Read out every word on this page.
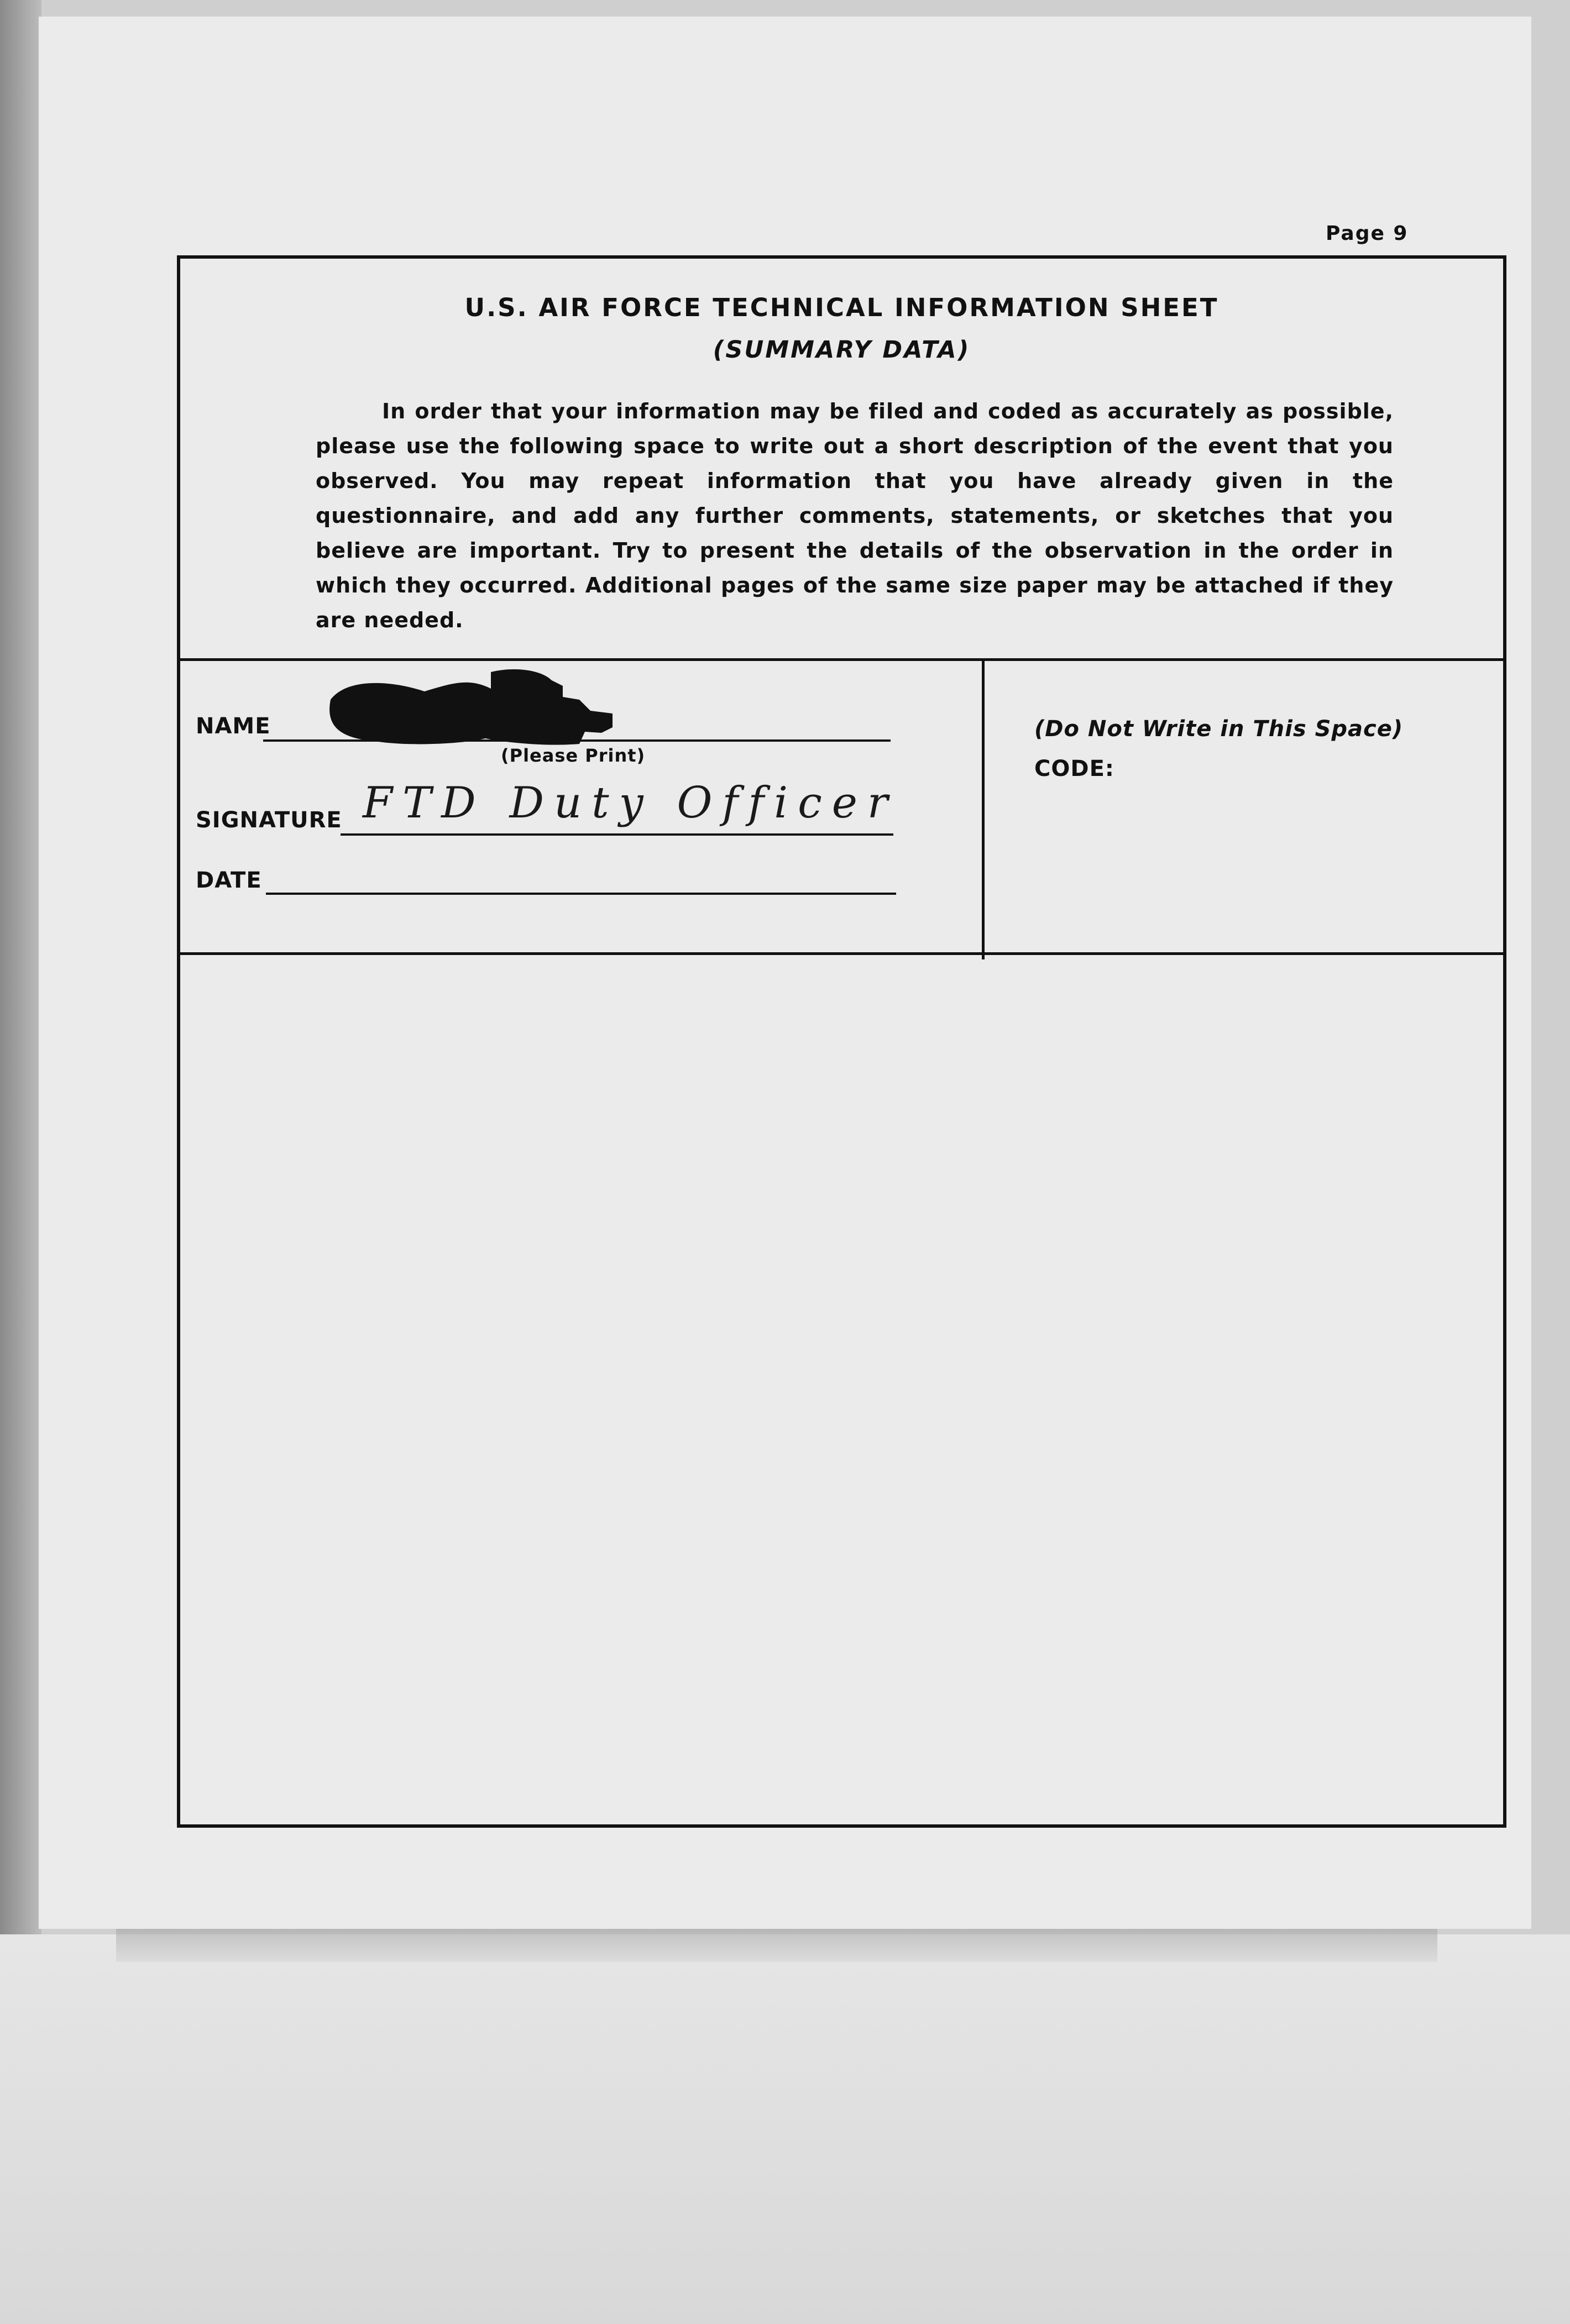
Page 9
U.S. AIR FORCE TECHNICAL INFORMATION SHEET
(SUMMARY DATA)
In order that your information may be filed and coded as accurately as possible, please use the following space to write out a short description of the event that you observed. You may repeat information that you have already given in the questionnaire, and add any further comments, statements, or sketches that you believe are important. Try to present the details of the observation in the order in which they occurred. Additional pages of the same size paper may be attached if they are needed.
NAME
(Please Print)
SIGNATURE FTD Duty Officer
DATE
(Do Not Write in This Space)
CODE:
